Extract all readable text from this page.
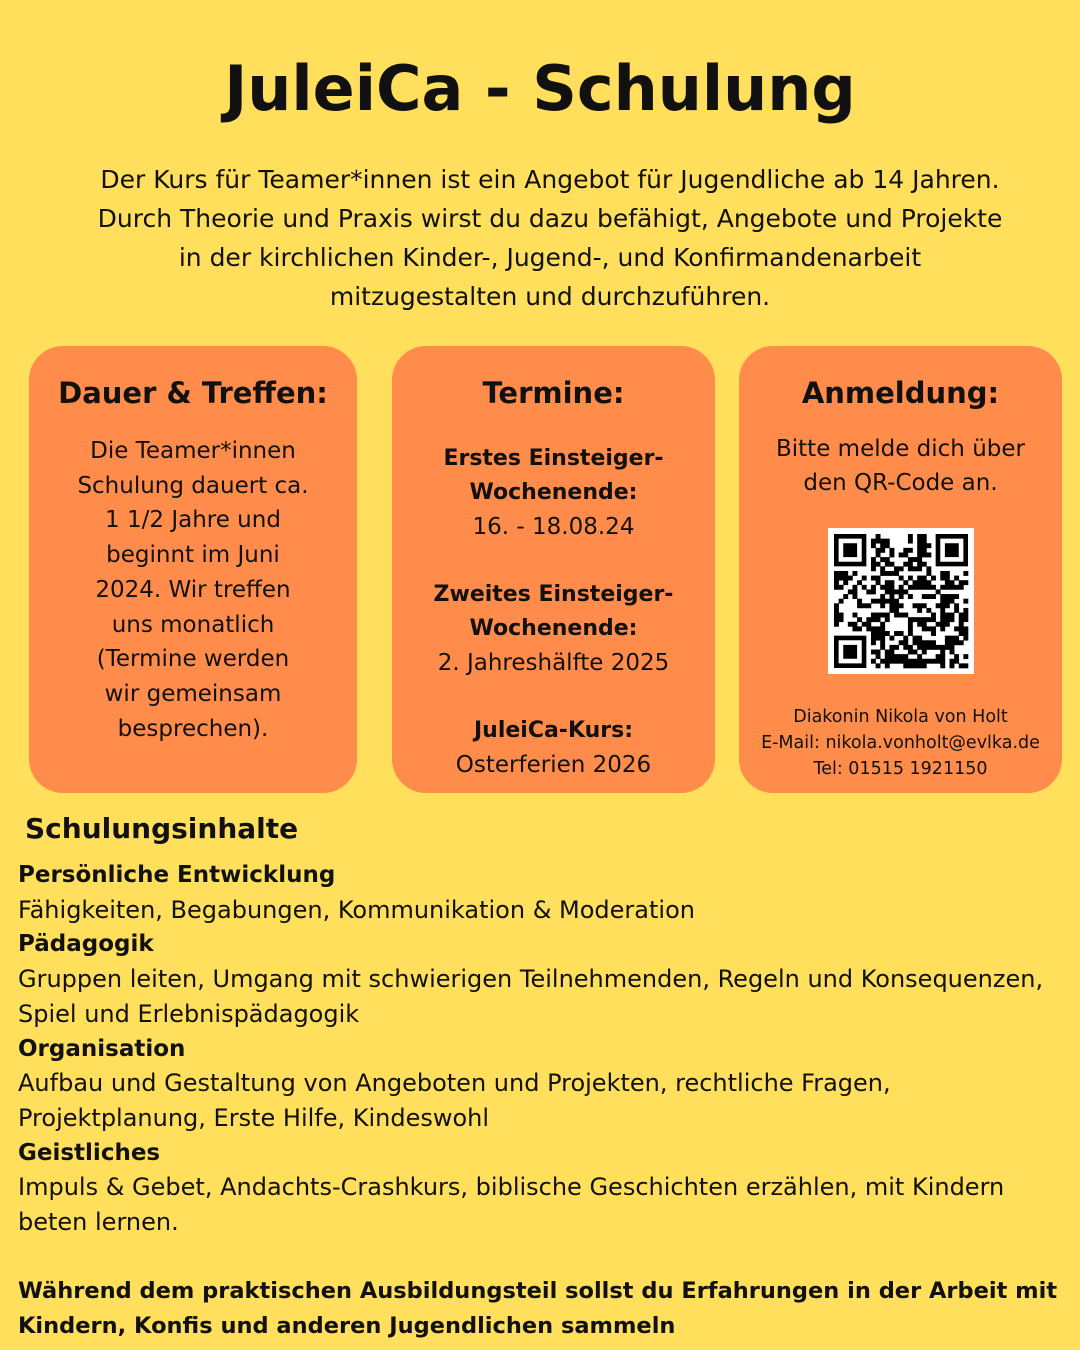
JuleiCa - Schulung
Der Kurs für Teamer*innen ist ein Angebot für Jugendliche ab 14 Jahren.
Durch Theorie und Praxis wirst du dazu befähigt, Angebote und Projekte
in der kirchlichen Kinder-, Jugend-, und Konfirmandenarbeit
mitzugestalten und durchzuführen.
Dauer & Treffen:
Die Teamer*innen
Schulung dauert ca.
1 1/2 Jahre und
beginnt im Juni
2024. Wir treffen
uns monatlich
(Termine werden
wir gemeinsam
besprechen).
Termine:
Erstes Einsteiger-
Wochenende:
16. - 18.08.24
Zweites Einsteiger-
Wochenende:
2. Jahreshälfte 2025
JuleiCa-Kurs:
Osterferien 2026
Anmeldung:
Bitte melde dich über
den QR-Code an.
Diakonin Nikola von Holt
E-Mail: nikola.vonholt@evlka.de
Tel: 01515 1921150
Schulungsinhalte
Persönliche Entwicklung
Fähigkeiten, Begabungen, Kommunikation & Moderation
Pädagogik
Gruppen leiten, Umgang mit schwierigen Teilnehmenden, Regeln und Konsequenzen,
Spiel und Erlebnispädagogik
Organisation
Aufbau und Gestaltung von Angeboten und Projekten, rechtliche Fragen,
Projektplanung, Erste Hilfe, Kindeswohl
Geistliches
Impuls & Gebet, Andachts-Crashkurs, biblische Geschichten erzählen, mit Kindern
beten lernen.
Während dem praktischen Ausbildungsteil sollst du Erfahrungen in der Arbeit mit
Kindern, Konfis und anderen Jugendlichen sammeln
